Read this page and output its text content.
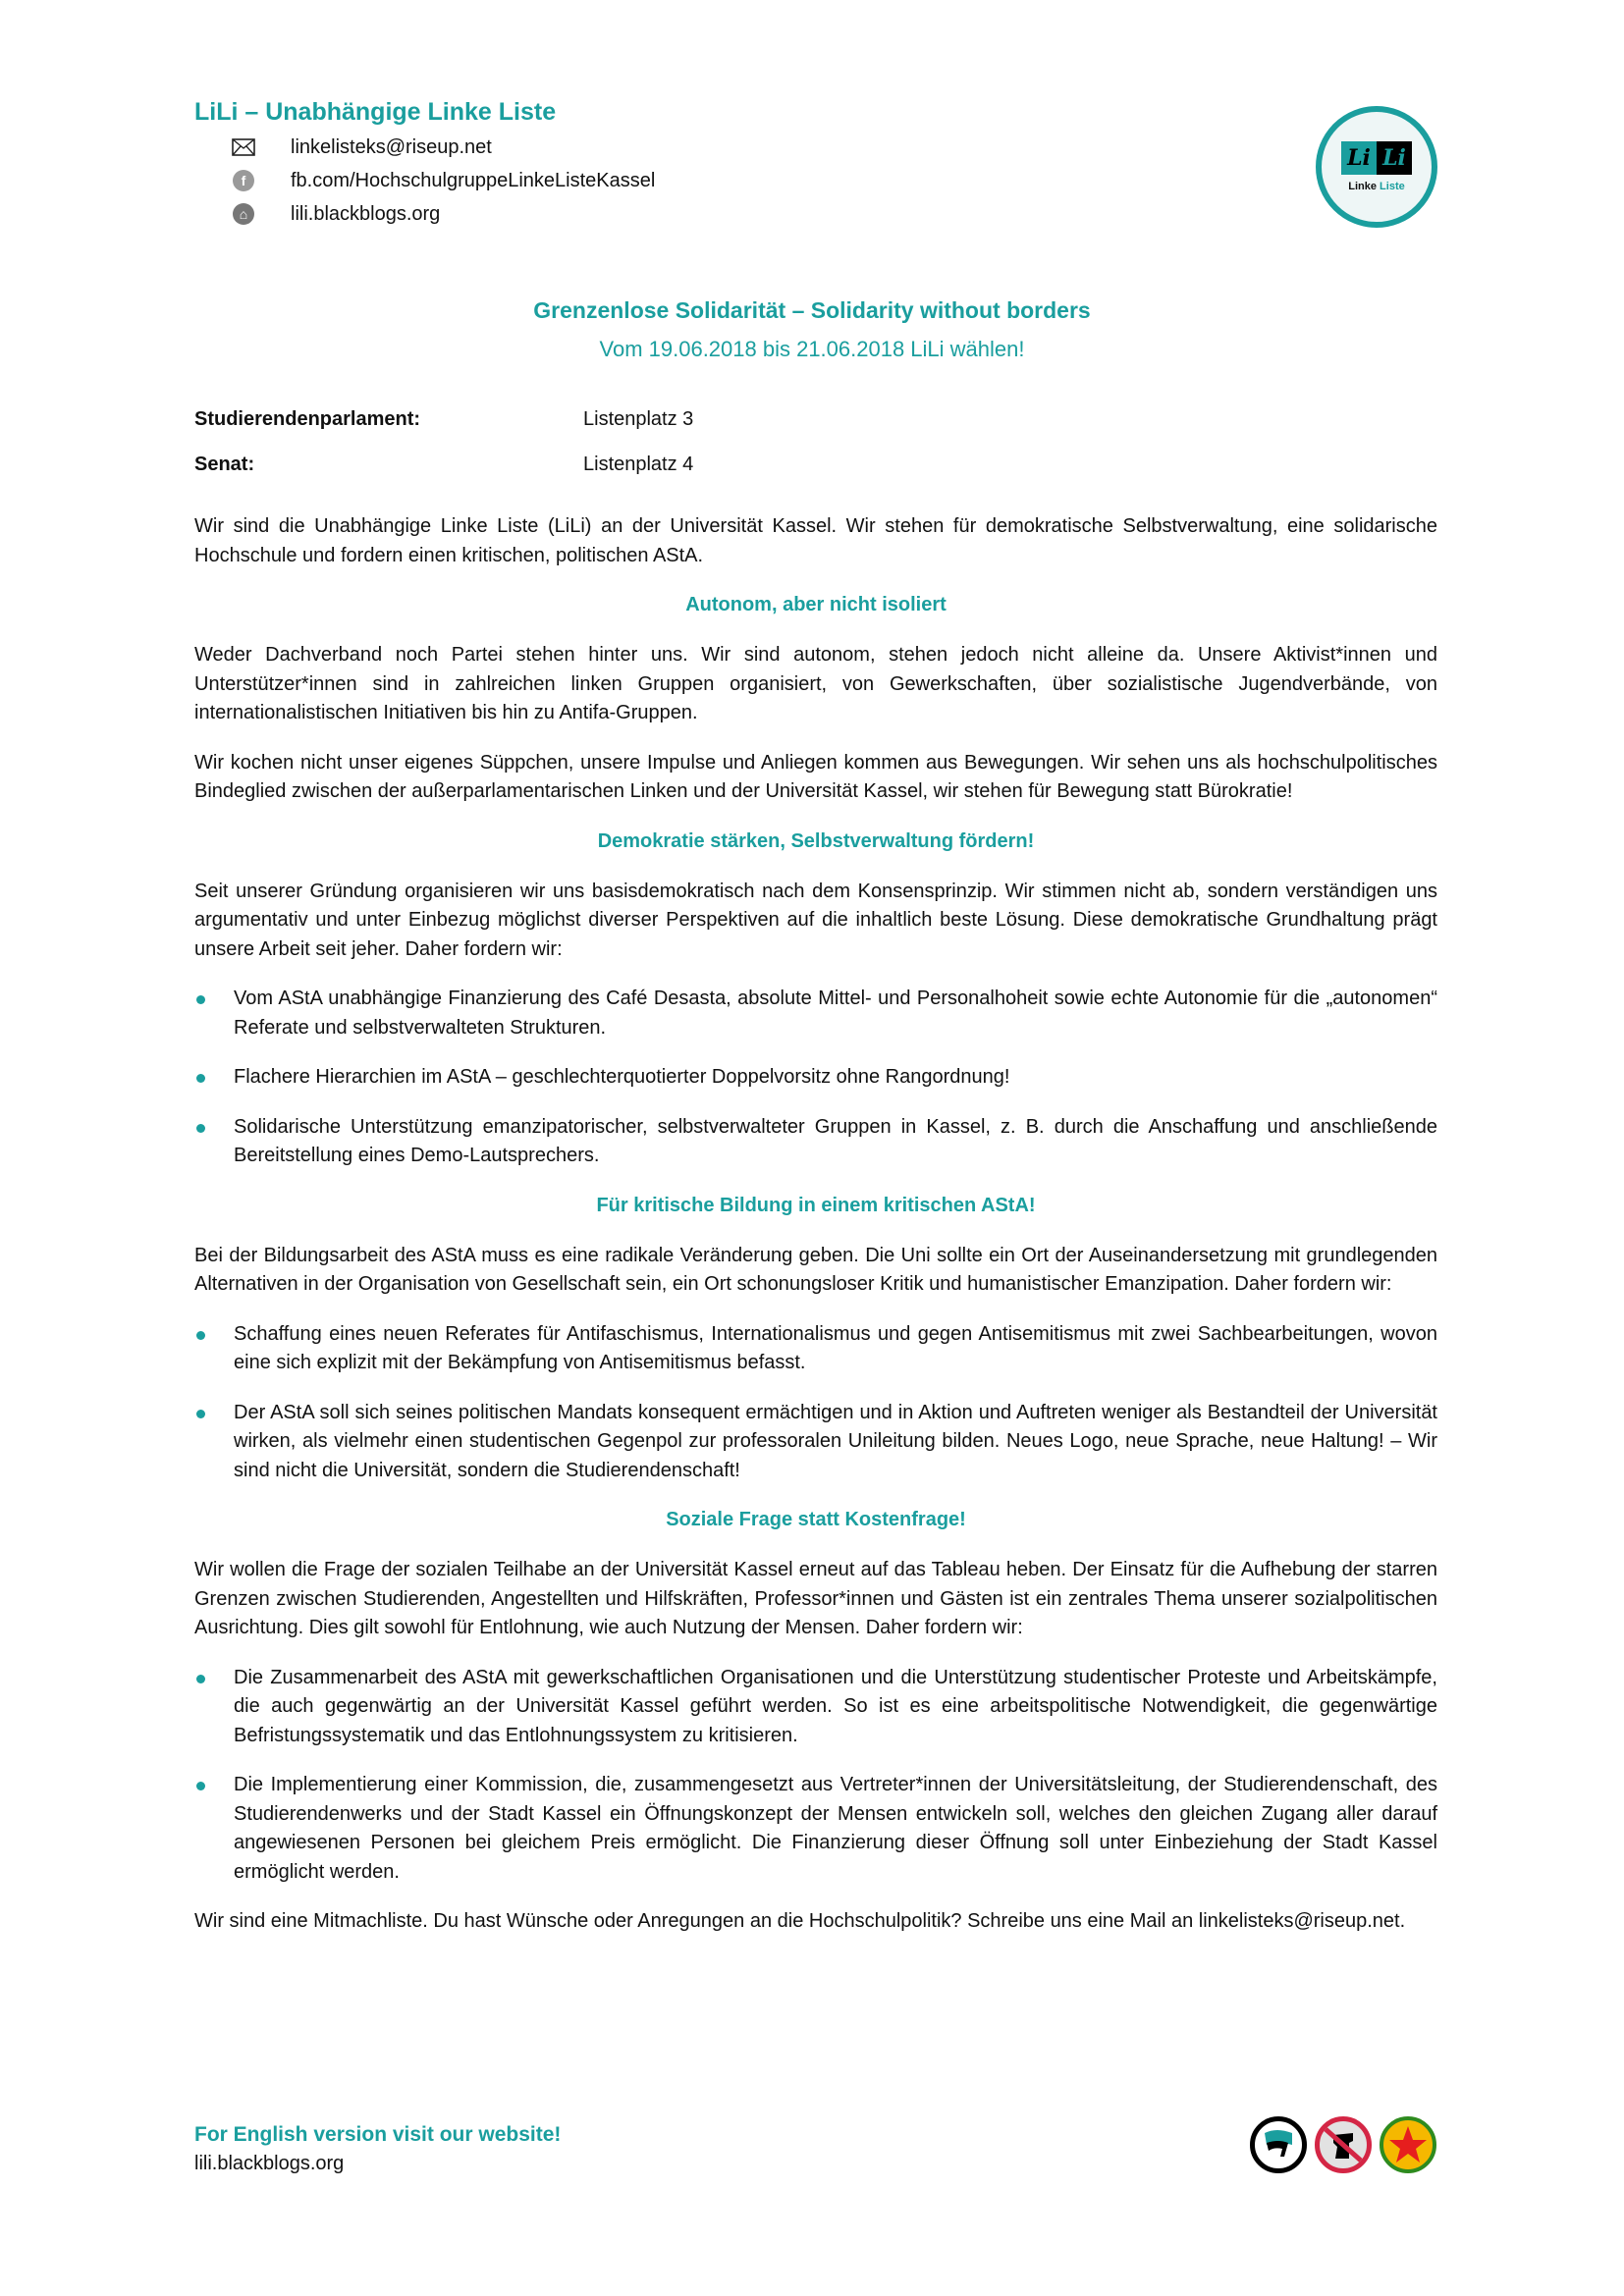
LiLi – Unabhängige Linke Liste
linkelisteks@riseup.net
f	fb.com/HochschulgruppeLinkeListeKassel
⌂	lili.blackblogs.org
Li Li
Linke Liste
Grenzenlose Solidarität – Solidarity without borders
Vom 19.06.2018 bis 21.06.2018 LiLi wählen!
Studierendenparlament:	Listenplatz 3
Senat:	Listenplatz 4

Wir sind die Unabhängige Linke Liste (LiLi) an der Universität Kassel. Wir stehen für demokratische Selbstverwaltung, eine solidarische Hochschule und fordern einen kritischen, politischen AStA.

Autonom, aber nicht isoliert

Weder Dachverband noch Partei stehen hinter uns. Wir sind autonom, stehen jedoch nicht alleine da. Unsere Aktivist*innen und Unterstützer*innen sind in zahlreichen linken Gruppen organisiert, von Gewerkschaften, über sozialistische Jugendverbände, von internationalistischen Initiativen bis hin zu Antifa-Gruppen.

Wir kochen nicht unser eigenes Süppchen, unsere Impulse und Anliegen kommen aus Bewegungen. Wir sehen uns als hochschulpolitisches Bindeglied zwischen der außerparlamentarischen Linken und der Universität Kassel, wir stehen für Bewegung statt Bürokratie!

Demokratie stärken, Selbstverwaltung fördern!

Seit unserer Gründung organisieren wir uns basisdemokratisch nach dem Konsensprinzip. Wir stimmen nicht ab, sondern verständigen uns argumentativ und unter Einbezug möglichst diverser Perspektiven auf die inhaltlich beste Lösung. Diese demokratische Grundhaltung prägt unsere Arbeit seit jeher. Daher fordern wir:

Vom AStA unabhängige Finanzierung des Café Desasta, absolute Mittel- und Personalhoheit sowie echte Autonomie für die „autonomen“ Referate und selbstverwalteten Strukturen.
Flachere Hierarchien im AStA – geschlechterquotierter Doppelvorsitz ohne Rangordnung!
Solidarische Unterstützung emanzipatorischer, selbstverwalteter Gruppen in Kassel, z. B. durch die Anschaffung und anschließende Bereitstellung eines Demo-Lautsprechers.
Für kritische Bildung in einem kritischen AStA!

Bei der Bildungsarbeit des AStA muss es eine radikale Veränderung geben. Die Uni sollte ein Ort der Auseinandersetzung mit grundlegenden Alternativen in der Organisation von Gesellschaft sein, ein Ort schonungsloser Kritik und humanistischer Emanzipation. Daher fordern wir:

Schaffung eines neuen Referates für Antifaschismus, Internationalismus und gegen Antisemitismus mit zwei Sachbearbeitungen, wovon eine sich explizit mit der Bekämpfung von Antisemitismus befasst.
Der AStA soll sich seines politischen Mandats konsequent ermächtigen und in Aktion und Auftreten weniger als Bestandteil der Universität wirken, als vielmehr einen studentischen Gegenpol zur professoralen Unileitung bilden. Neues Logo, neue Sprache, neue Haltung! – Wir sind nicht die Universität, sondern die Studierendenschaft!
Soziale Frage statt Kostenfrage!

Wir wollen die Frage der sozialen Teilhabe an der Universität Kassel erneut auf das Tableau heben. Der Einsatz für die Aufhebung der starren Grenzen zwischen Studierenden, Angestellten und Hilfskräften, Professor*innen und Gästen ist ein zentrales Thema unserer sozialpolitischen Ausrichtung. Dies gilt sowohl für Entlohnung, wie auch Nutzung der Mensen. Daher fordern wir:

Die Zusammenarbeit des AStA mit gewerkschaftlichen Organisationen und die Unterstützung studentischer Proteste und Arbeitskämpfe, die auch gegenwärtig an der Universität Kassel geführt werden. So ist es eine arbeitspolitische Notwendigkeit, die gegenwärtige Befristungssystematik und das Entlohnungssystem zu kritisieren.
Die Implementierung einer Kommission, die, zusammengesetzt aus Vertreter*innen der Universitätsleitung, der Studierendenschaft, des Studierendenwerks und der Stadt Kassel ein Öffnungskonzept der Mensen entwickeln soll, welches den gleichen Zugang aller darauf angewiesenen Personen bei gleichem Preis ermöglicht. Die Finanzierung dieser Öffnung soll unter Einbeziehung der Stadt Kassel ermöglicht werden.

Wir sind eine Mitmachliste. Du hast Wünsche oder Anregungen an die Hochschulpolitik? Schreibe uns eine Mail an linkelisteks@riseup.net.

For English version visit our website!
lili.blackblogs.org
